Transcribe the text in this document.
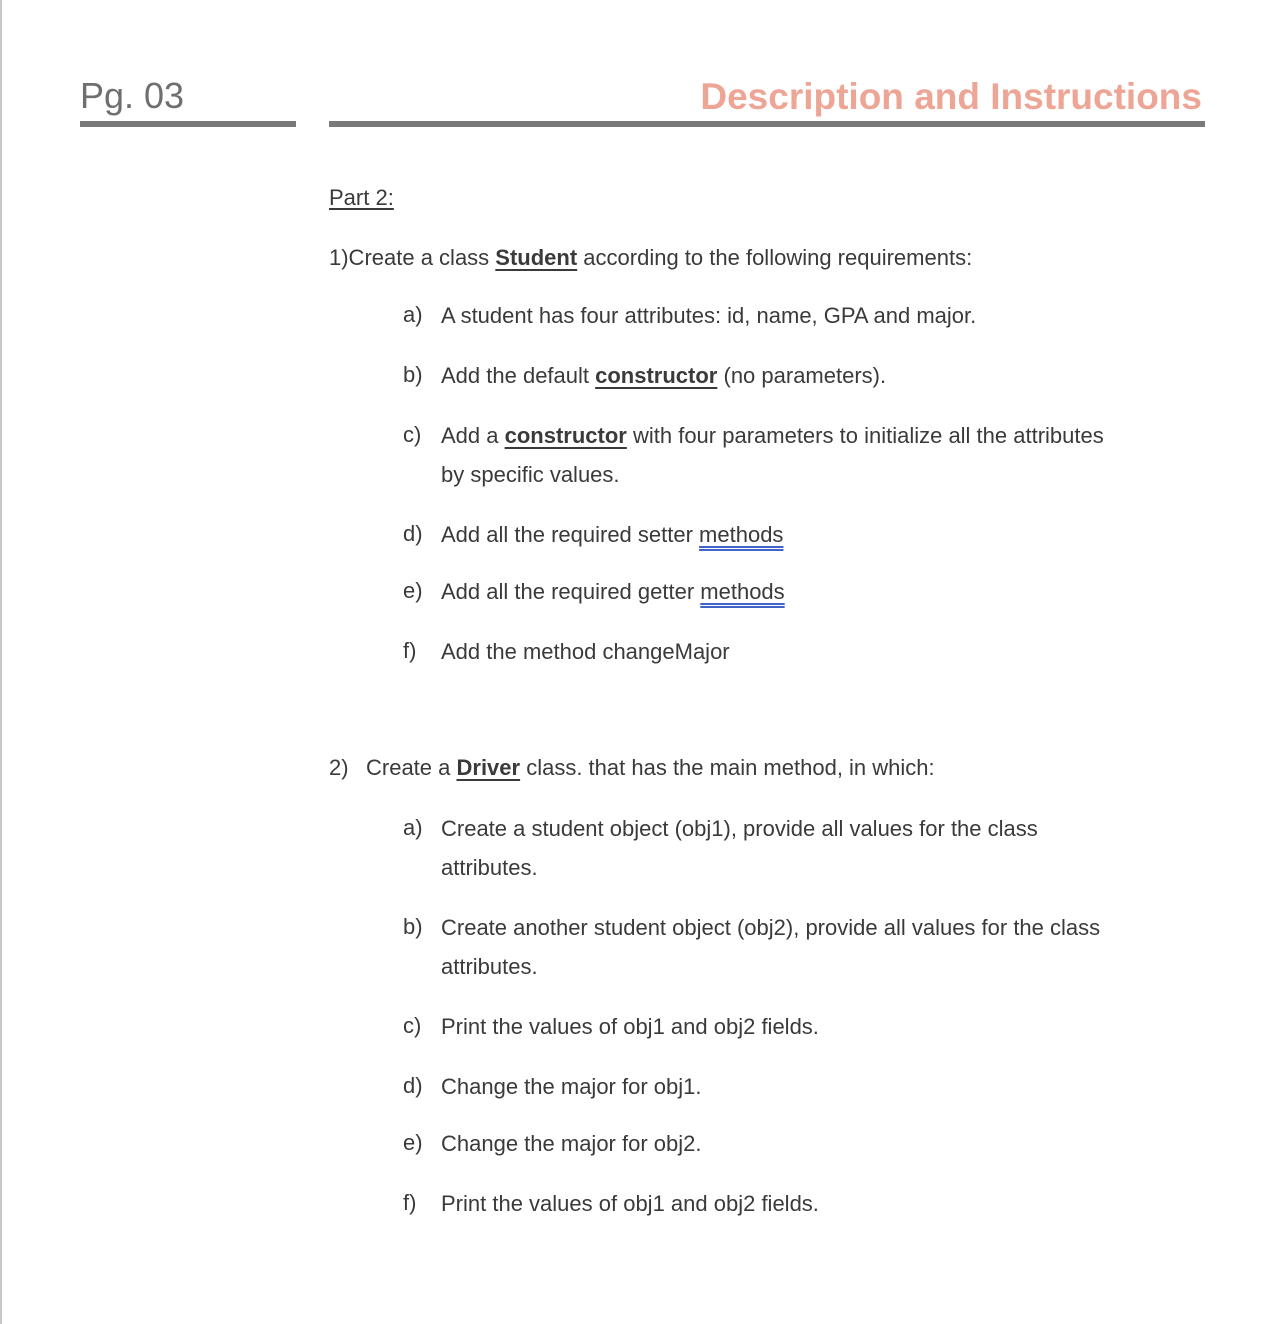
Pg. 03	Description and Instructions
Part 2:
1)Create a class Student according to the following requirements:
a) A student has four attributes: id, name, GPA and major.
b) Add the default constructor (no parameters).
c) Add a constructor with four parameters to initialize all the attributes
by specific values.
d) Add all the required setter methods
e) Add all the required getter methods
f) Add the method changeMajor
2) Create a Driver class. that has the main method, in which:
a) Create a student object (obj1), provide all values for the class
attributes.
b) Create another student object (obj2), provide all values for the class
attributes.
c) Print the values of obj1 and obj2 fields.
d) Change the major for obj1.
e) Change the major for obj2.
f) Print the values of obj1 and obj2 fields.
